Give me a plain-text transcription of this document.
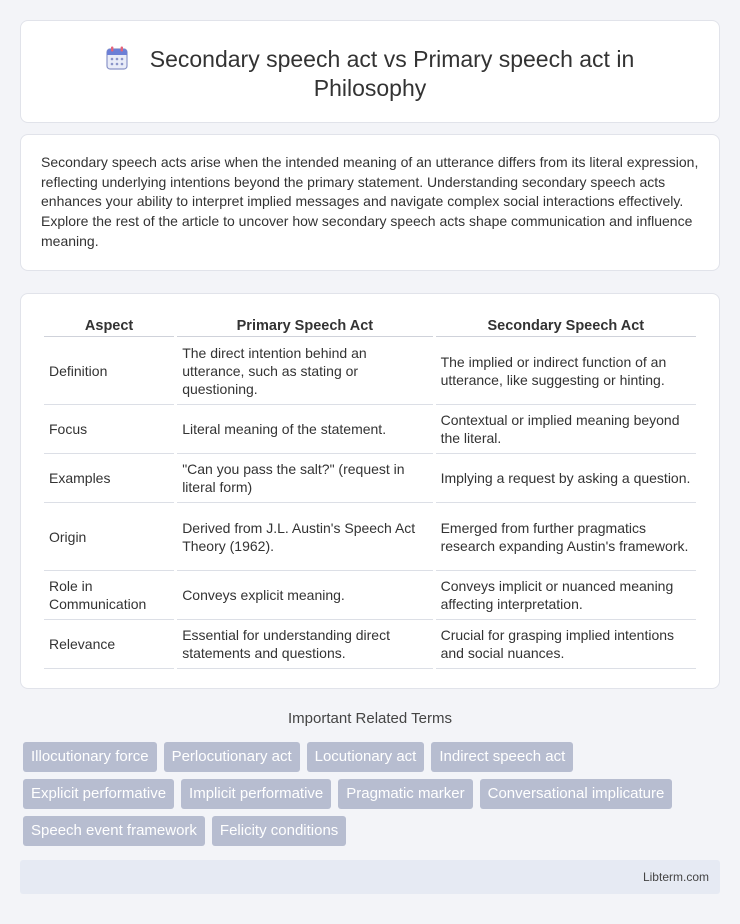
Secondary speech act vs Primary speech act in Philosophy

Secondary speech acts arise when the intended meaning of an utterance differs from its literal expression, reflecting underlying intentions beyond the primary statement. Understanding secondary speech acts enhances your ability to interpret implied messages and navigate complex social interactions effectively. Explore the rest of the article to uncover how secondary speech acts shape communication and influence meaning.

Aspect	Primary Speech Act	Secondary Speech Act
Definition	The direct intention behind an utterance, such as stating or questioning.	The implied or indirect function of an utterance, like suggesting or hinting.
Focus	Literal meaning of the statement.	Contextual or implied meaning beyond the literal.
Examples	"Can you pass the salt?" (request in literal form)	Implying a request by asking a question.
Origin	Derived from J.L. Austin's Speech Act Theory (1962).	Emerged from further pragmatics research expanding Austin's framework.
Role in Communication	Conveys explicit meaning.	Conveys implicit or nuanced meaning affecting interpretation.
Relevance	Essential for understanding direct statements and questions.	Crucial for grasping implied intentions and social nuances.
Important Related Terms
Illocutionary force	Perlocutionary act	Locutionary act	Indirect speech act
Explicit performative	Implicit performative	Pragmatic marker	Conversational implicature
Speech event framework	Felicity conditions
Libterm.com
